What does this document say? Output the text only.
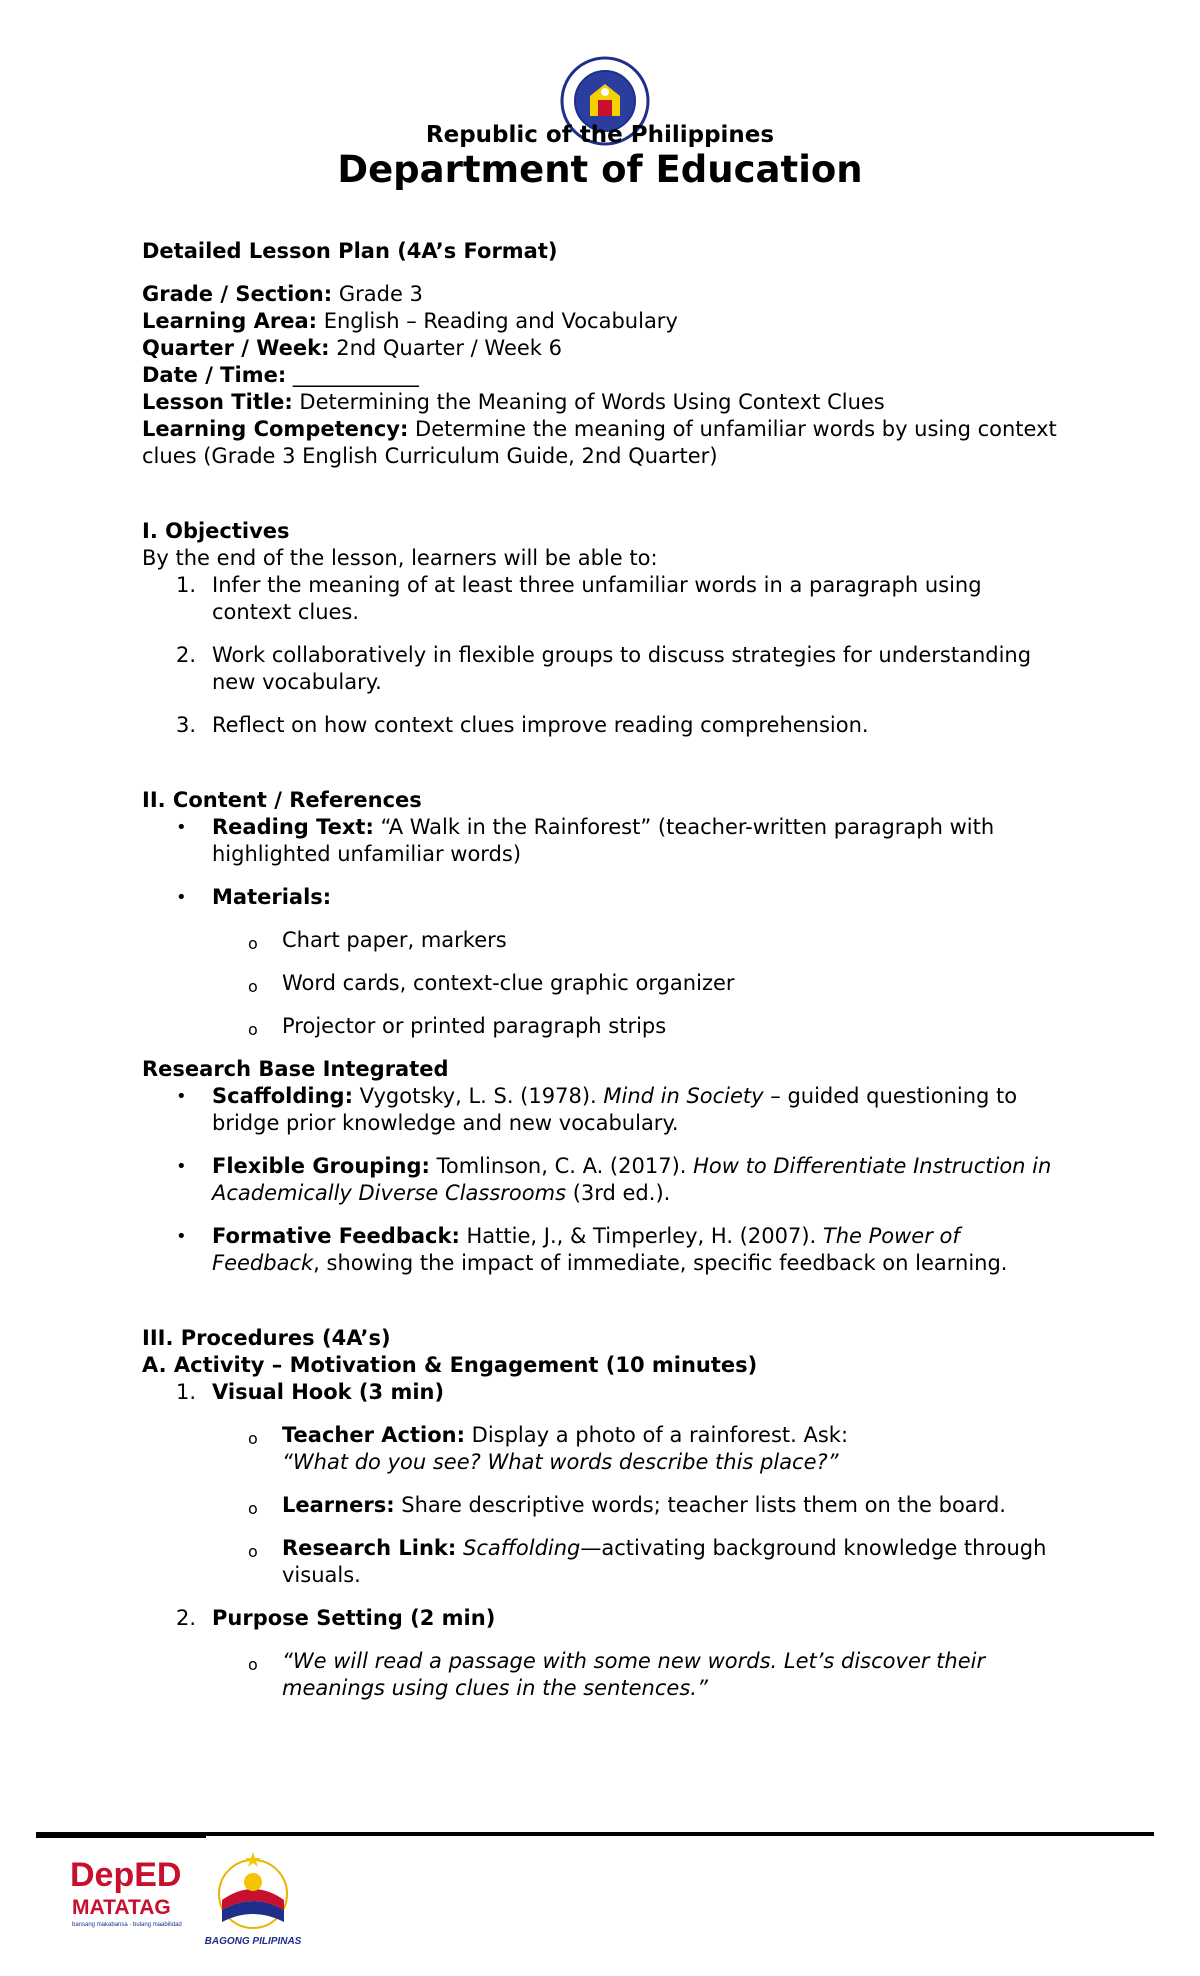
Republic of the Philippines
Department of Education

Detailed Lesson Plan (4A’s Format)

Grade / Section: Grade 3

Learning Area: English – Reading and Vocabulary

Quarter / Week: 2nd Quarter / Week 6

Date / Time: ____________

Lesson Title: Determining the Meaning of Words Using Context Clues

Learning Competency: Determine the meaning of unfamiliar words by using context clues (Grade 3 English Curriculum Guide, 2nd Quarter)

I. Objectives

By the end of the lesson, learners will be able to:

1. Infer the meaning of at least three unfamiliar words in a paragraph using context clues.
2. Work collaboratively in flexible groups to discuss strategies for understanding new vocabulary.
3. Reflect on how context clues improve reading comprehension.

II. Content / References

• Reading Text: “A Walk in the Rainforest” (teacher-written paragraph with highlighted unfamiliar words)
• Materials:
o Chart paper, markers
o Word cards, context-clue graphic organizer
o Projector or printed paragraph strips

Research Base Integrated

• Scaffolding: Vygotsky, L. S. (1978). Mind in Society – guided questioning to bridge prior knowledge and new vocabulary.
• Flexible Grouping: Tomlinson, C. A. (2017). How to Differentiate Instruction in Academically Diverse Classrooms (3rd ed.).
• Formative Feedback: Hattie, J., & Timperley, H. (2007). The Power of Feedback, showing the impact of immediate, specific feedback on learning.

III. Procedures (4A’s)

A. Activity – Motivation & Engagement (10 minutes)

1. Visual Hook (3 min)
o Teacher Action: Display a photo of a rainforest. Ask:
“What do you see? What words describe this place?”
o Learners: Share descriptive words; teacher lists them on the board.
o Research Link: Scaffolding—activating background knowledge through visuals.
2. Purpose Setting (2 min)
o “We will read a passage with some new words. Let’s discover their meanings using clues in the sentences.”
DepED
MATATAG
bansang makabansa · bulang maabilidad
BAGONG PILIPINAS
